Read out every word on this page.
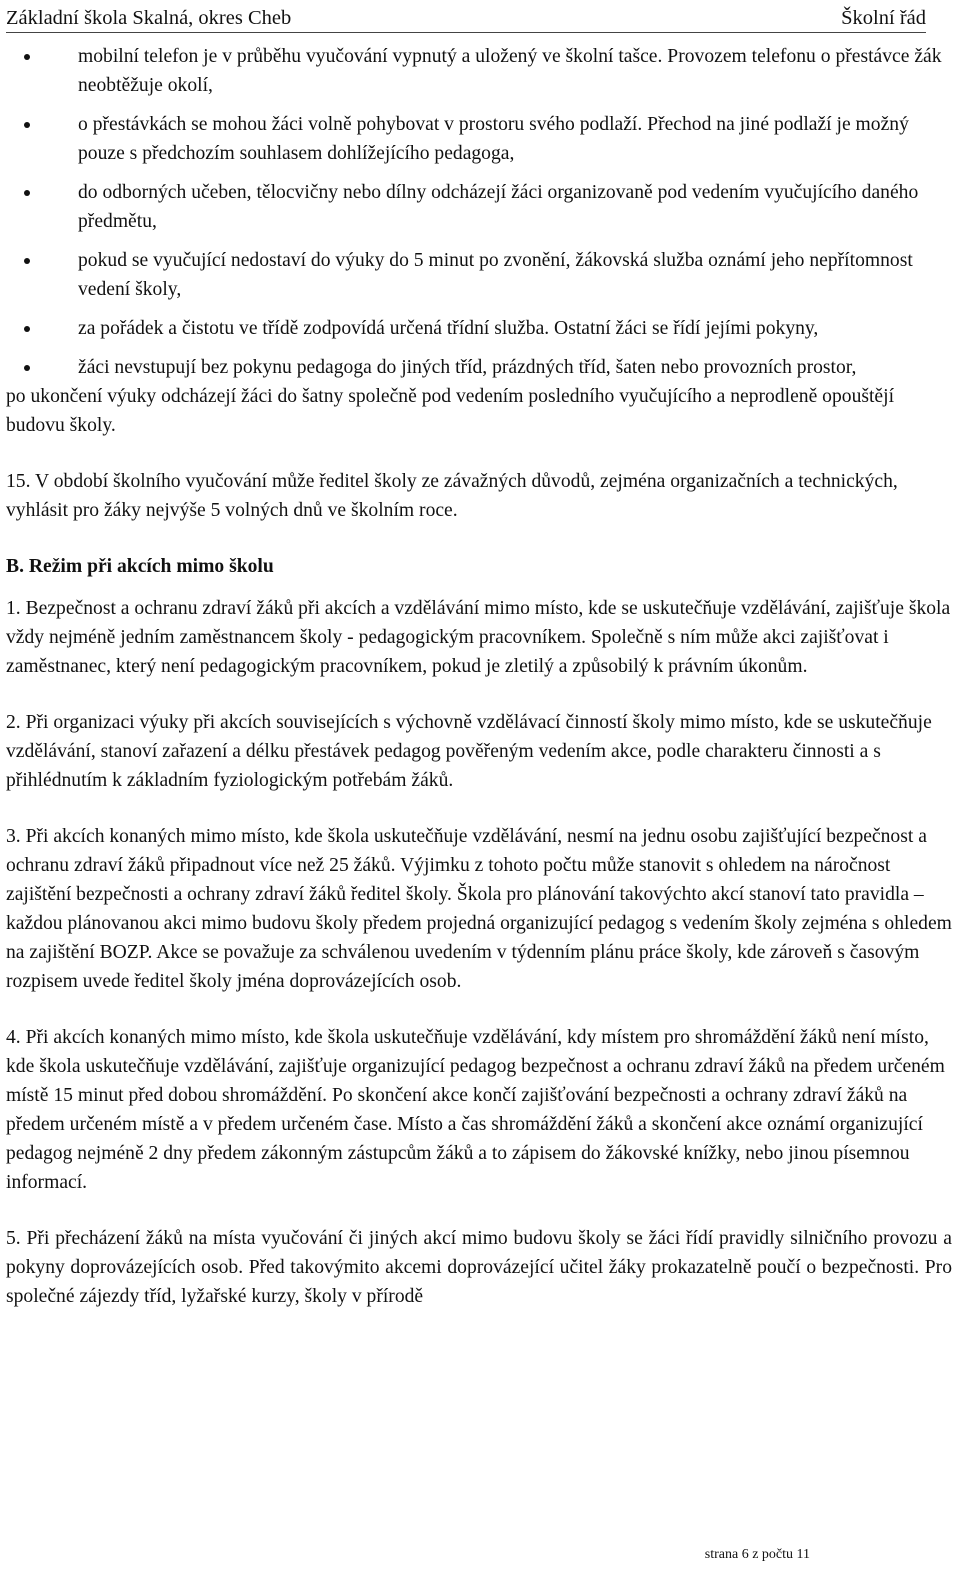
Základní škola Skalná, okres Cheb	Školní řád
mobilní telefon je v průběhu vyučování vypnutý a uložený ve školní tašce. Provozem telefonu o přestávce žák neobtěžuje okolí,
o přestávkách se mohou žáci volně pohybovat v prostoru svého podlaží. Přechod na jiné podlaží je možný pouze s předchozím souhlasem dohlížejícího pedagoga,
do odborných učeben, tělocvičny nebo dílny odcházejí žáci organizovaně pod vedením vyučujícího daného předmětu,
pokud se vyučující nedostaví do výuky do 5 minut po zvonění, žákovská služba oznámí jeho nepřítomnost vedení školy,
za pořádek a čistotu ve třídě zodpovídá určená třídní služba. Ostatní žáci se řídí jejími pokyny,
žáci nevstupují bez pokynu pedagoga do jiných tříd, prázdných tříd, šaten nebo provozních prostor,

po ukončení výuky odcházejí žáci do šatny společně pod vedením posledního vyučujícího a neprodleně opouštějí budovu školy.

15. V období školního vyučování může ředitel školy ze závažných důvodů, zejména organizačních a technických, vyhlásit pro žáky nejvýše 5 volných dnů ve školním roce.

B. Režim při akcích mimo školu

1. Bezpečnost a ochranu zdraví žáků při akcích a vzdělávání mimo místo, kde se uskutečňuje vzdělávání, zajišťuje škola vždy nejméně jedním zaměstnancem školy - pedagogickým pracovníkem. Společně s ním může akci zajišťovat i zaměstnanec, který není pedagogickým pracovníkem, pokud je zletilý a způsobilý k právním úkonům.

2. Při organizaci výuky při akcích souvisejících s výchovně vzdělávací činností školy mimo místo, kde se uskutečňuje vzdělávání, stanoví zařazení a délku přestávek pedagog pověřeným vedením akce, podle charakteru činnosti a s přihlédnutím k základním fyziologickým potřebám žáků.

3. Při akcích konaných mimo místo, kde škola uskutečňuje vzdělávání, nesmí na jednu osobu zajišťující bezpečnost a ochranu zdraví žáků připadnout více než 25 žáků. Výjimku z tohoto počtu může stanovit s ohledem na náročnost zajištění bezpečnosti a ochrany zdraví žáků ředitel školy. Škola pro plánování takovýchto akcí stanoví tato pravidla – každou plánovanou akci mimo budovu školy předem projedná organizující pedagog s vedením školy zejména s ohledem na zajištění BOZP. Akce se považuje za schválenou uvedením v týdenním plánu práce školy, kde zároveň s časovým rozpisem uvede ředitel školy jména doprovázejících osob.

4. Při akcích konaných mimo místo, kde škola uskutečňuje vzdělávání, kdy místem pro shromáždění žáků není místo, kde škola uskutečňuje vzdělávání, zajišťuje organizující pedagog bezpečnost a ochranu zdraví žáků na předem určeném místě 15 minut před dobou shromáždění. Po skončení akce končí zajišťování bezpečnosti a ochrany zdraví žáků na předem určeném místě a v předem určeném čase. Místo a čas shromáždění žáků a skončení akce oznámí organizující pedagog nejméně 2 dny předem zákonným zástupcům žáků a to zápisem do žákovské knížky, nebo jinou písemnou informací.

5. Při přecházení žáků na místa vyučování či jiných akcí mimo budovu školy se žáci řídí pravidly silničního provozu a pokyny doprovázejících osob. Před takovýmito akcemi doprovázející učitel žáky prokazatelně poučí o bezpečnosti. Pro společné zájezdy tříd, lyžařské kurzy, školy v přírodě

strana 6 z počtu 11
